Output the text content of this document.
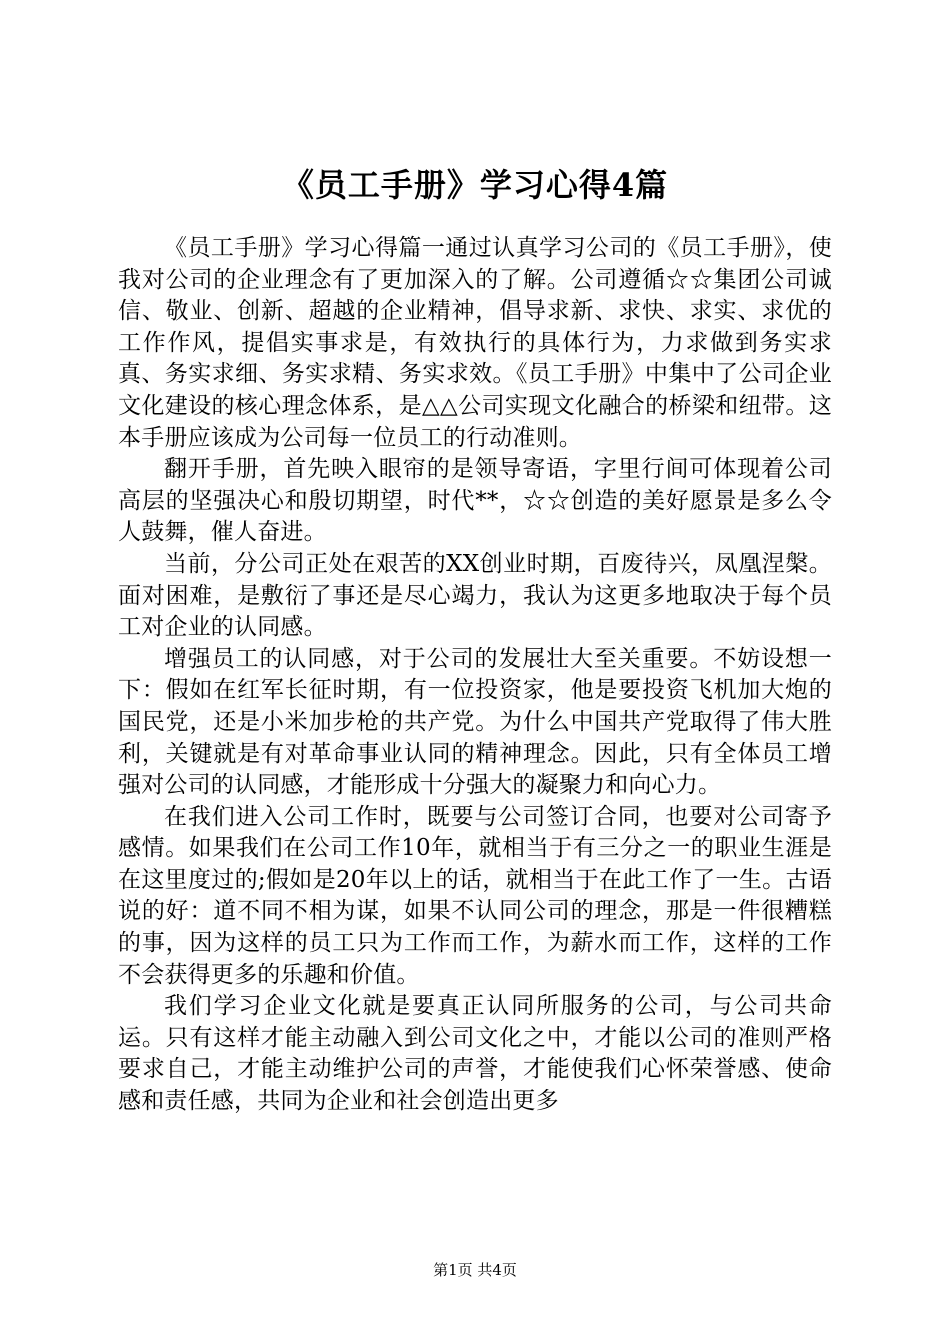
《员工手册》学习心得4篇

《员工手册》学习心得篇一通过认真学习公司的《员工手册》，使我对公司的企业理念有了更加深入的了解。公司遵循☆☆集团公司诚信、敬业、创新、超越的企业精神，倡导求新、求快、求实、求优的工作作风，提倡实事求是，有效执行的具体行为，力求做到务实求真、务实求细、务实求精、务实求效。《员工手册》中集中了公司企业文化建设的核心理念体系，是△△公司实现文化融合的桥梁和纽带。这本手册应该成为公司每一位员工的行动准则。

翻开手册，首先映入眼帘的是领导寄语，字里行间可体现着公司高层的坚强决心和殷切期望，时代**，☆☆创造的美好愿景是多么令人鼓舞，催人奋进。

当前，分公司正处在艰苦的XX创业时期，百废待兴，凤凰涅槃。面对困难，是敷衍了事还是尽心竭力，我认为这更多地取决于每个员工对企业的认同感。

增强员工的认同感，对于公司的发展壮大至关重要。不妨设想一下：假如在红军长征时期，有一位投资家，他是要投资飞机加大炮的国民党，还是小米加步枪的共产党。为什么中国共产党取得了伟大胜利，关键就是有对革命事业认同的精神理念。因此，只有全体员工增强对公司的认同感，才能形成十分强大的凝聚力和向心力。

在我们进入公司工作时，既要与公司签订合同，也要对公司寄予感情。如果我们在公司工作10年，就相当于有三分之一的职业生涯是在这里度过的;假如是20年以上的话，就相当于在此工作了一生。古语说的好：道不同不相为谋，如果不认同公司的理念，那是一件很糟糕的事，因为这样的员工只为工作而工作，为薪水而工作，这样的工作不会获得更多的乐趣和价值。

我们学习企业文化就是要真正认同所服务的公司，与公司共命运。只有这样才能主动融入到公司文化之中，才能以公司的准则严格要求自己，才能主动维护公司的声誉，才能使我们心怀荣誉感、使命感和责任感，共同为企业和社会创造出更多

第1页 共4页
